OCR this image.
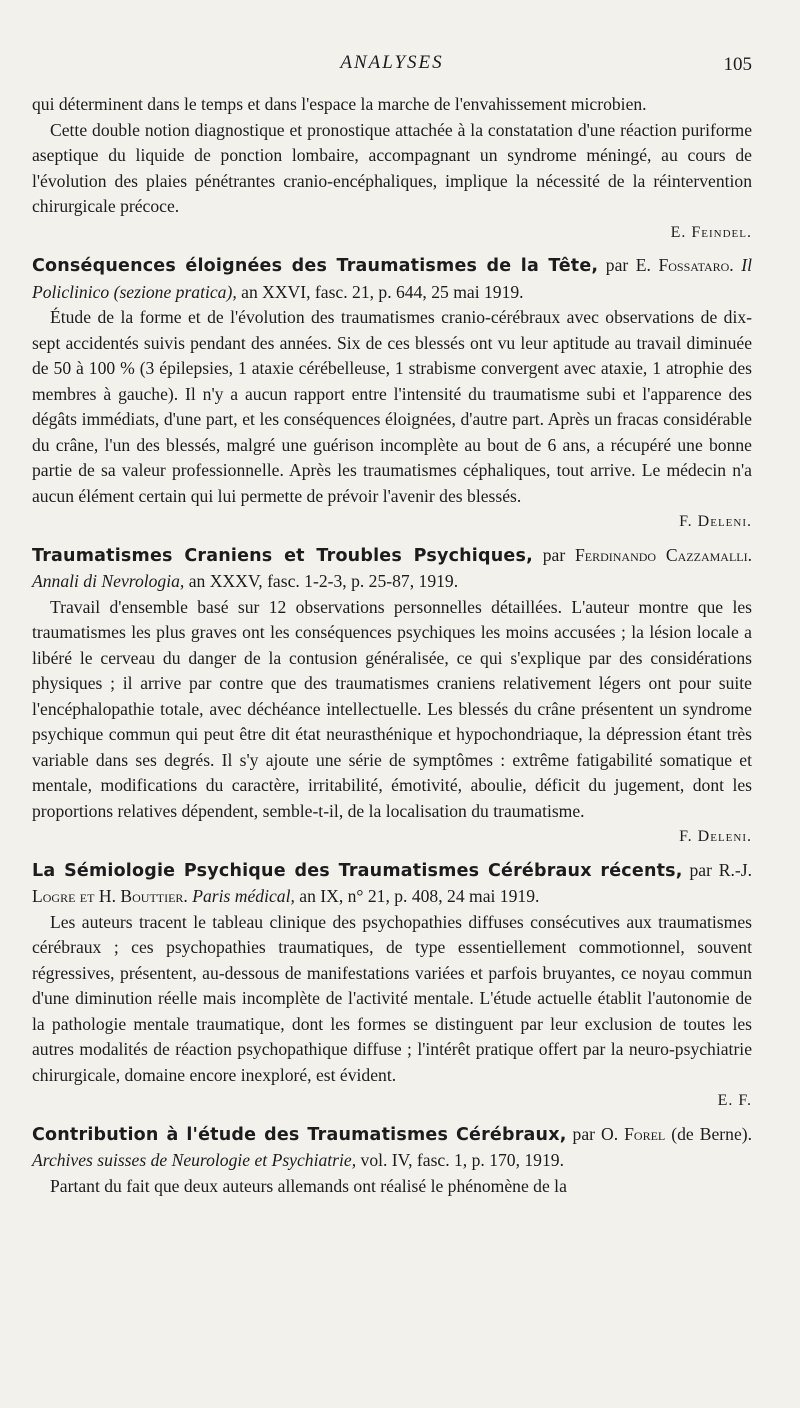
ANALYSES	105

qui déterminent dans le temps et dans l'espace la marche de l'envahissement microbien.

Cette double notion diagnostique et pronostique attachée à la constatation d'une réaction puriforme aseptique du liquide de ponction lombaire, accompagnant un syndrome méningé, au cours de l'évolution des plaies pénétrantes cranio-encéphaliques, implique la nécessité de la réintervention chirurgicale précoce.

E. Feindel.

Conséquences éloignées des Traumatismes de la Tête, par E. Fossataro. Il Policlinico (sezione pratica), an XXVI, fasc. 21, p. 644, 25 mai 1919.

Étude de la forme et de l'évolution des traumatismes cranio-cérébraux avec observations de dix-sept accidentés suivis pendant des années. Six de ces blessés ont vu leur aptitude au travail diminuée de 50 à 100 % (3 épilepsies, 1 ataxie cérébelleuse, 1 strabisme convergent avec ataxie, 1 atrophie des membres à gauche). Il n'y a aucun rapport entre l'intensité du traumatisme subi et l'apparence des dégâts immédiats, d'une part, et les conséquences éloignées, d'autre part. Après un fracas considérable du crâne, l'un des blessés, malgré une guérison incomplète au bout de 6 ans, a récupéré une bonne partie de sa valeur professionnelle. Après les traumatismes céphaliques, tout arrive. Le médecin n'a aucun élément certain qui lui permette de prévoir l'avenir des blessés.

F. Deleni.

Traumatismes Craniens et Troubles Psychiques, par Ferdinando Cazzamalli. Annali di Nevrologia, an XXXV, fasc. 1-2-3, p. 25-87, 1919.

Travail d'ensemble basé sur 12 observations personnelles détaillées. L'auteur montre que les traumatismes les plus graves ont les conséquences psychiques les moins accusées ; la lésion locale a libéré le cerveau du danger de la contusion généralisée, ce qui s'explique par des considérations physiques ; il arrive par contre que des traumatismes craniens relativement légers ont pour suite l'encéphalopathie totale, avec déchéance intellectuelle. Les blessés du crâne présentent un syndrome psychique commun qui peut être dit état neurasthénique et hypochondriaque, la dépression étant très variable dans ses degrés. Il s'y ajoute une série de symptômes : extrême fatigabilité somatique et mentale, modifications du caractère, irritabilité, émotivité, aboulie, déficit du jugement, dont les proportions relatives dépendent, semble-t-il, de la localisation du traumatisme.

F. Deleni.

La Sémiologie Psychique des Traumatismes Cérébraux récents, par R.-J. Logre et H. Bouttier. Paris médical, an IX, n° 21, p. 408, 24 mai 1919.

Les auteurs tracent le tableau clinique des psychopathies diffuses consécutives aux traumatismes cérébraux ; ces psychopathies traumatiques, de type essentiellement commotionnel, souvent régressives, présentent, au-dessous de manifestations variées et parfois bruyantes, ce noyau commun d'une diminution réelle mais incomplète de l'activité mentale. L'étude actuelle établit l'autonomie de la pathologie mentale traumatique, dont les formes se distinguent par leur exclusion de toutes les autres modalités de réaction psychopathique diffuse ; l'intérêt pratique offert par la neuro-psychiatrie chirurgicale, domaine encore inexploré, est évident.

E. F.

Contribution à l'étude des Traumatismes Cérébraux, par O. Forel (de Berne). Archives suisses de Neurologie et Psychiatrie, vol. IV, fasc. 1, p. 170, 1919.

Partant du fait que deux auteurs allemands ont réalisé le phénomène de la
